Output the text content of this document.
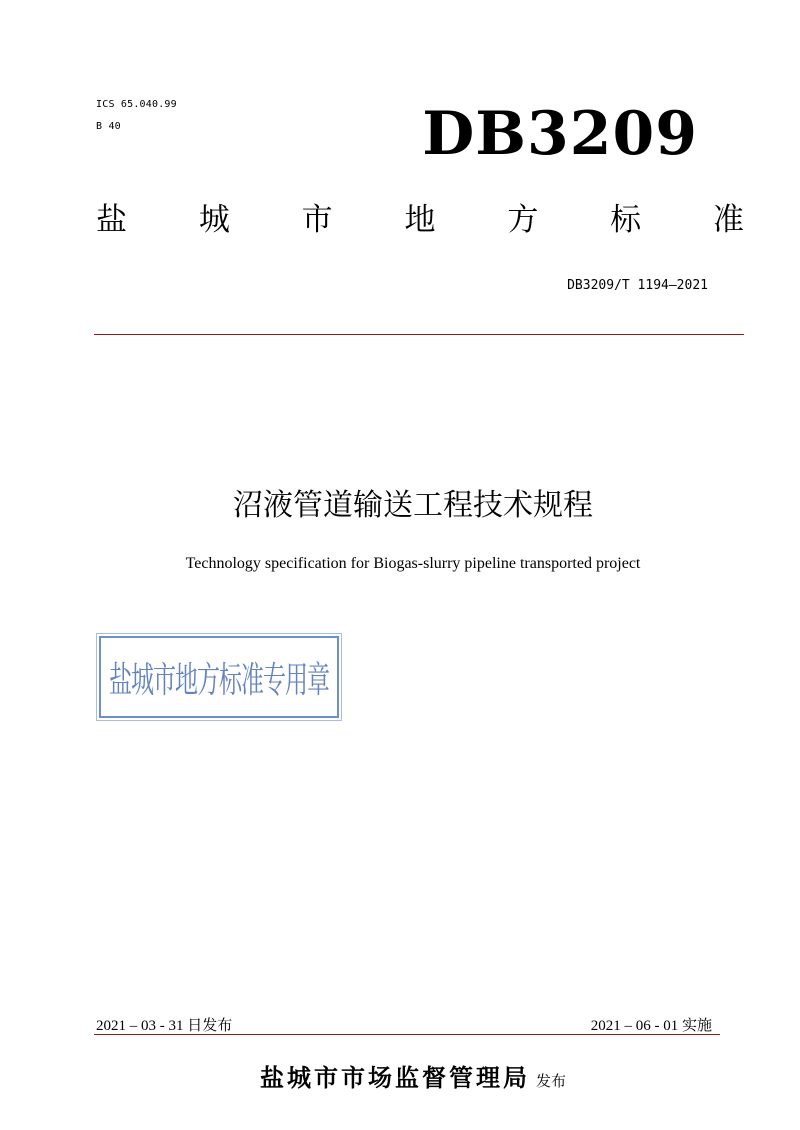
ICS 65.040.99
B 40	DB3209
盐 城 市 地 方 标 准
DB3209/T 1194—2021
沼液管道输送工程技术规程
Technology specification for Biogas-slurry pipeline transported project
盐城市地方标准专用章
2021 – 03 - 31 日发布	2021 – 06 - 01 实施
盐城市市场监督管理局 发布
